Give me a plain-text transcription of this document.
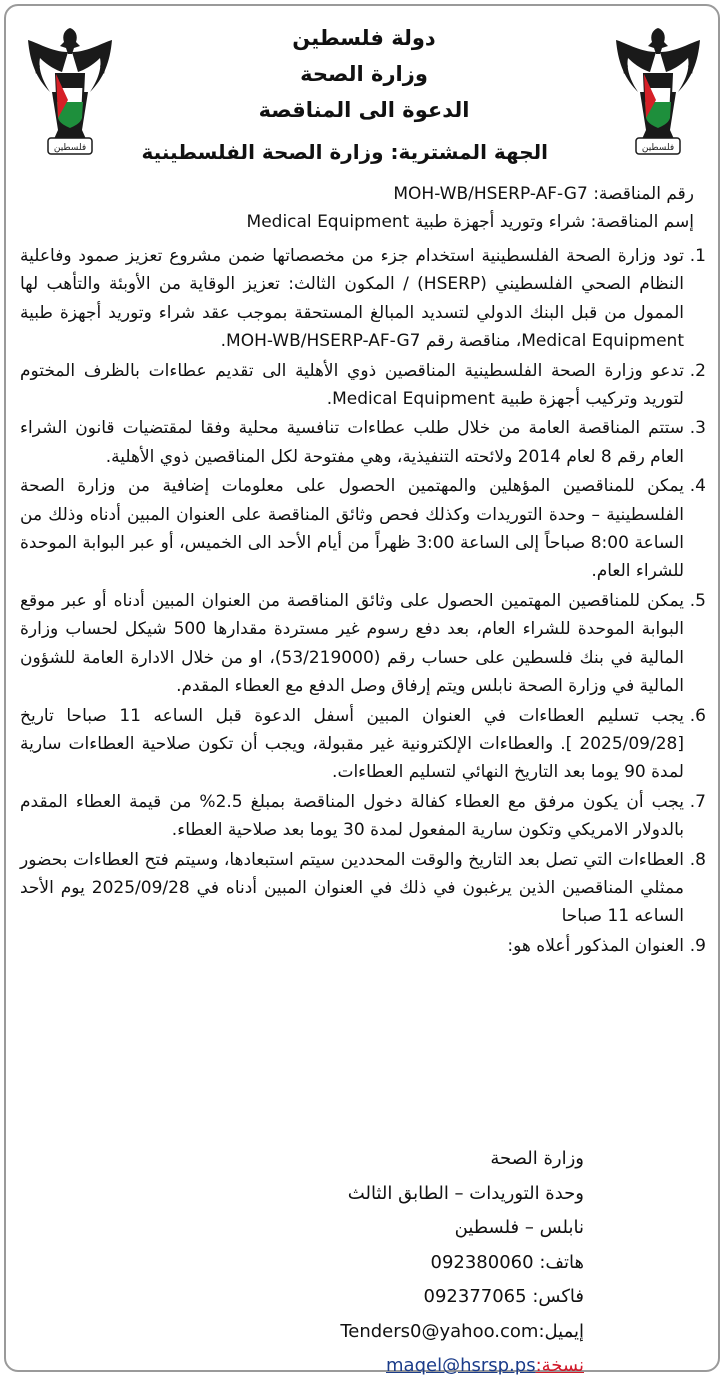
فلسطين	فلسطين
دولة فلسطين
وزارة الصحة
الدعوة الى المناقصة
الجهة المشترية: وزارة الصحة الفلسطينية
رقم المناقصة: MOH-WB/HSERP-AF-G7
إسم المناقصة: شراء وتوريد أجهزة طبية Medical Equipment
1.
تود وزارة الصحة الفلسطينية استخدام جزء من مخصصاتها ضمن مشروع تعزيز صمود وفاعلية النظام الصحي الفلسطيني (HSERP) / المكون الثالث: تعزيز الوقاية من الأوبئة والتأهب لها الممول من قبل البنك الدولي لتسديد المبالغ المستحقة بموجب عقد شراء وتوريد أجهزة طبية Medical Equipment، مناقصة رقم MOH-WB/HSERP-AF-G7.
2.
تدعو وزارة الصحة الفلسطينية المناقصين ذوي الأهلية الى تقديم عطاءات بالظرف المختوم لتوريد وتركيب أجهزة طبية Medical Equipment.
3.
ستتم المناقصة العامة من خلال طلب عطاءات تنافسية محلية وفقا لمقتضيات قانون الشراء العام رقم 8 لعام 2014 ولائحته التنفيذية، وهي مفتوحة لكل المناقصين ذوي الأهلية.
4.
يمكن للمناقصين المؤهلين والمهتمين الحصول على معلومات إضافية من وزارة الصحة الفلسطينية – وحدة التوريدات وكذلك فحص وثائق المناقصة على العنوان المبين أدناه وذلك من الساعة 8:00 صباحاً إلى الساعة 3:00 ظهراً من أيام الأحد الى الخميس، أو عبر البوابة الموحدة للشراء العام.
5.
يمكن للمناقصين المهتمين الحصول على وثائق المناقصة من العنوان المبين أدناه أو عبر موقع البوابة الموحدة للشراء العام، بعد دفع رسوم غير مستردة مقدارها 500 شيكل لحساب وزارة المالية في بنك فلسطين على حساب رقم (53/219000)، او من خلال الادارة العامة للشؤون المالية في وزارة الصحة نابلس ويتم إرفاق وصل الدفع مع العطاء المقدم.
6.
يجب تسليم العطاءات في العنوان المبين أسفل الدعوة قبل الساعه 11 صباحا تاريخ [2025/09/28 ]. والعطاءات الإلكترونية غير مقبولة، ويجب أن تكون صلاحية العطاءات سارية لمدة 90 يوما بعد التاريخ النهائي لتسليم العطاءات.
7.
يجب أن يكون مرفق مع العطاء كفالة دخول المناقصة بمبلغ 2.5% من قيمة العطاء المقدم بالدولار الامريكي وتكون سارية المفعول لمدة 30 يوما بعد صلاحية العطاء.
8.
العطاءات التي تصل بعد التاريخ والوقت المحددين سيتم استبعادها، وسيتم فتح العطاءات بحضور ممثلي المناقصين الذين يرغبون في ذلك في العنوان المبين أدناه في 2025/09/28 يوم الأحد الساعه 11 صباحا
9.
العنوان المذكور أعلاه هو:
وزارة الصحة
وحدة التوريدات – الطابق الثالث
نابلس – فلسطين
هاتف: 092380060
فاكس: 092377065
إيميل:Tenders0@yahoo.com
نسخة:maqel@hsrsp.ps
